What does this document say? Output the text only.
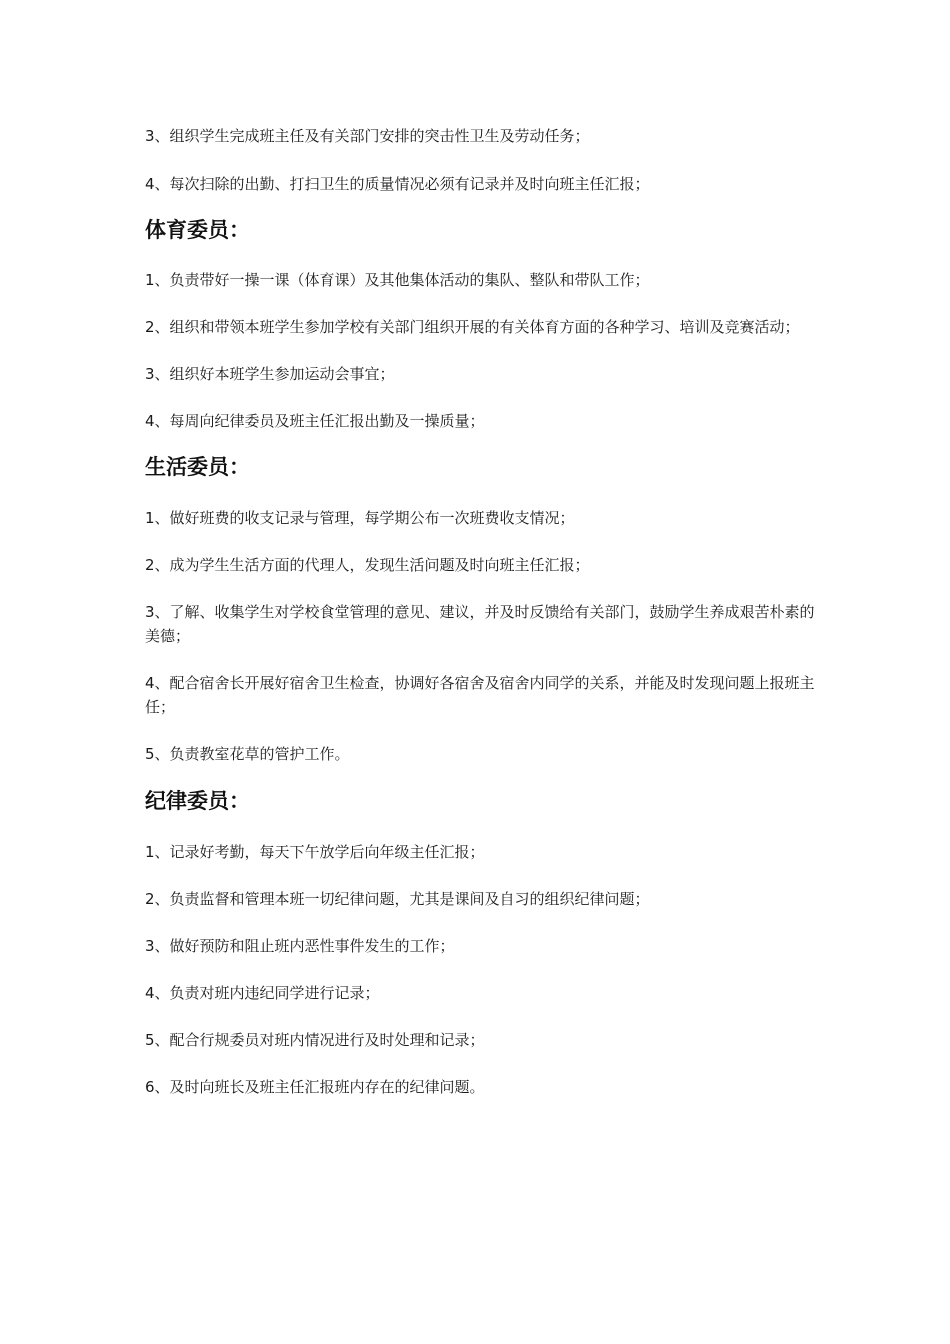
3、组织学生完成班主任及有关部门安排的突击性卫生及劳动任务；

4、每次扫除的出勤、打扫卫生的质量情况必须有记录并及时向班主任汇报；

体育委员：

1、负责带好一操一课（体育课）及其他集体活动的集队、整队和带队工作；

2、组织和带领本班学生参加学校有关部门组织开展的有关体育方面的各种学习、培训及竞赛活动；

3、组织好本班学生参加运动会事宜；

4、每周向纪律委员及班主任汇报出勤及一操质量；

生活委员：

1、做好班费的收支记录与管理，每学期公布一次班费收支情况；

2、成为学生生活方面的代理人，发现生活问题及时向班主任汇报；

3、了解、收集学生对学校食堂管理的意见、建议，并及时反馈给有关部门，鼓励学生养成艰苦朴素的美德；

4、配合宿舍长开展好宿舍卫生检查，协调好各宿舍及宿舍内同学的关系，并能及时发现问题上报班主任；

5、负责教室花草的管护工作。

纪律委员：

1、记录好考勤，每天下午放学后向年级主任汇报；

2、负责监督和管理本班一切纪律问题，尤其是课间及自习的组织纪律问题；

3、做好预防和阻止班内恶性事件发生的工作；

4、负责对班内违纪同学进行记录；

5、配合行规委员对班内情况进行及时处理和记录；

6、及时向班长及班主任汇报班内存在的纪律问题。
